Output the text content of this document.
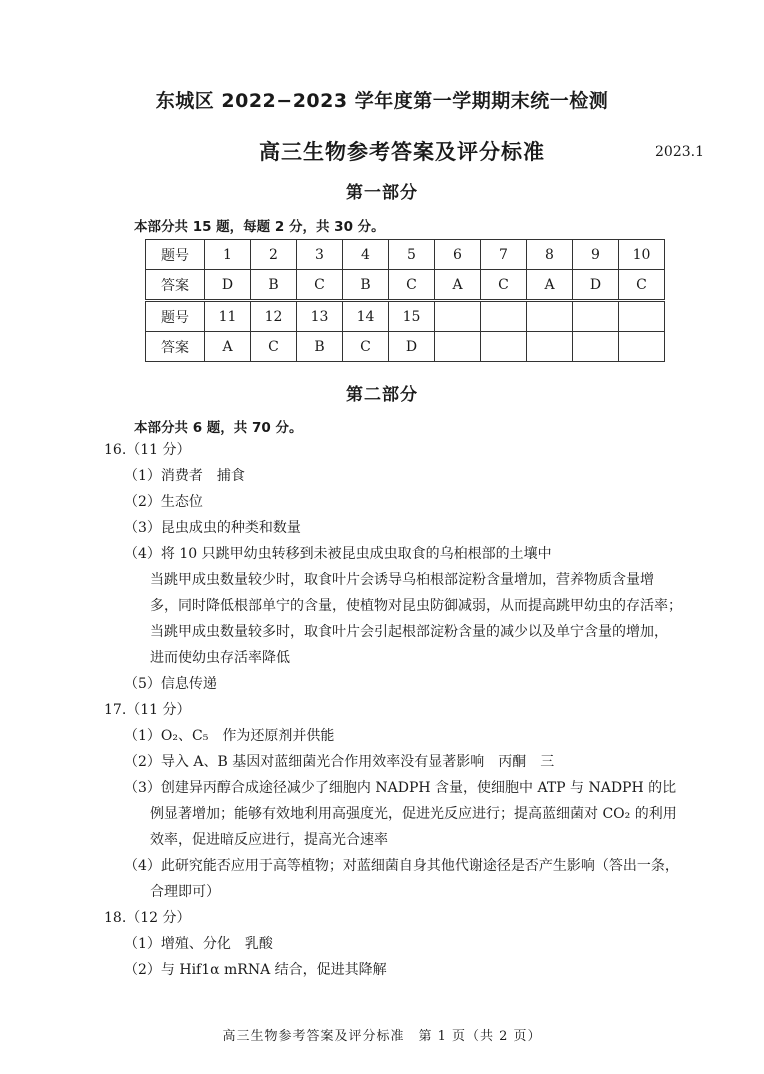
东城区 2022−2023 学年度第一学期期末统一检测
高三生物参考答案及评分标准	2023.1
第一部分
本部分共 15 题，每题 2 分，共 30 分。
题号	1	2	3	4	5	6	7	8	9	10
答案	D	B	C	B	C	A	C	A	D	C
题号	11	12	13	14	15					
答案	A	C	B	C	D					
第二部分
本部分共 6 题，共 70 分。
16.（11 分）
（1）消费者　捕食
（2）生态位
（3）昆虫成虫的种类和数量
（4）将 10 只跳甲幼虫转移到未被昆虫成虫取食的乌桕根部的土壤中
当跳甲成虫数量较少时，取食叶片会诱导乌桕根部淀粉含量增加，营养物质含量增
多，同时降低根部单宁的含量，使植物对昆虫防御减弱，从而提高跳甲幼虫的存活率；
当跳甲成虫数量较多时，取食叶片会引起根部淀粉含量的减少以及单宁含量的增加，
进而使幼虫存活率降低
（5）信息传递
17.（11 分）
（1）O₂、C₅　作为还原剂并供能
（2）导入 A、B 基因对蓝细菌光合作用效率没有显著影响　丙酮　三
（3）创建异丙醇合成途径减少了细胞内 NADPH 含量，使细胞中 ATP 与 NADPH 的比
例显著增加；能够有效地利用高强度光，促进光反应进行；提高蓝细菌对 CO₂ 的利用
效率，促进暗反应进行，提高光合速率
（4）此研究能否应用于高等植物；对蓝细菌自身其他代谢途径是否产生影响（答出一条，
合理即可）
18.（12 分）
（1）增殖、分化　乳酸
（2）与 Hif1α mRNA 结合，促进其降解
高三生物参考答案及评分标准　第 1 页（共 2 页）
